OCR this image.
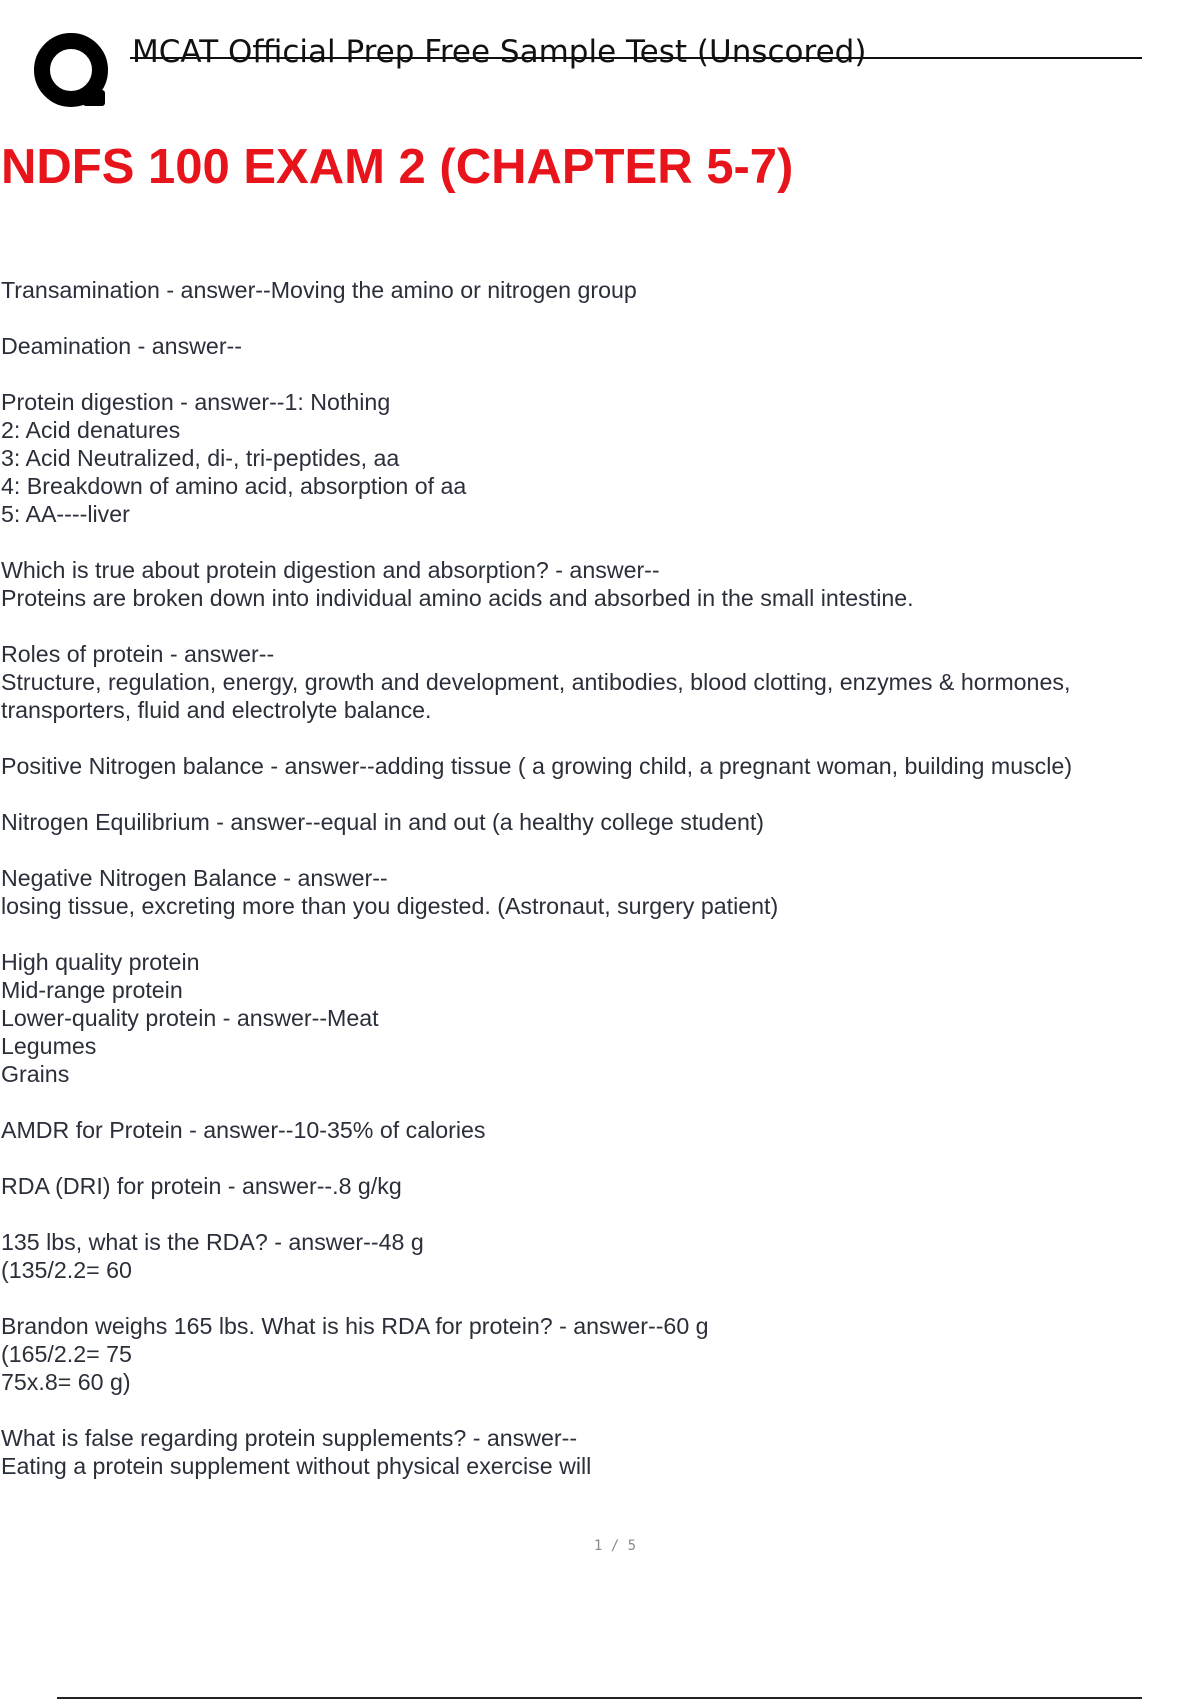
MCAT Official Prep Free Sample Test (Unscored)
NDFS 100 EXAM 2 (CHAPTER 5-7)

Transamination - answer--Moving the amino or nitrogen group

Deamination - answer--

Protein digestion - answer--1: Nothing
2: Acid denatures
3: Acid Neutralized, di-, tri-peptides, aa
4: Breakdown of amino acid, absorption of aa
5: AA----liver

Which is true about protein digestion and absorption? - answer--
Proteins are broken down into individual amino acids and absorbed in the small intestine.

Roles of protein - answer--
Structure, regulation, energy, growth and development, antibodies, blood clotting, enzymes & hormones, transporters, fluid and electrolyte balance.

Positive Nitrogen balance - answer--adding tissue ( a growing child, a pregnant woman, building muscle)

Nitrogen Equilibrium - answer--equal in and out (a healthy college student)

Negative Nitrogen Balance - answer--
losing tissue, excreting more than you digested. (Astronaut, surgery patient)

High quality protein
Mid-range protein
Lower-quality protein - answer--Meat
Legumes
Grains

AMDR for Protein - answer--10-35% of calories

RDA (DRI) for protein - answer--.8 g/kg

135 lbs, what is the RDA? - answer--48 g
(135/2.2= 60

Brandon weighs 165 lbs. What is his RDA for protein? - answer--60 g
(165/2.2= 75
75x.8= 60 g)

What is false regarding protein supplements? - answer--
Eating a protein supplement without physical exercise will

1 / 5
